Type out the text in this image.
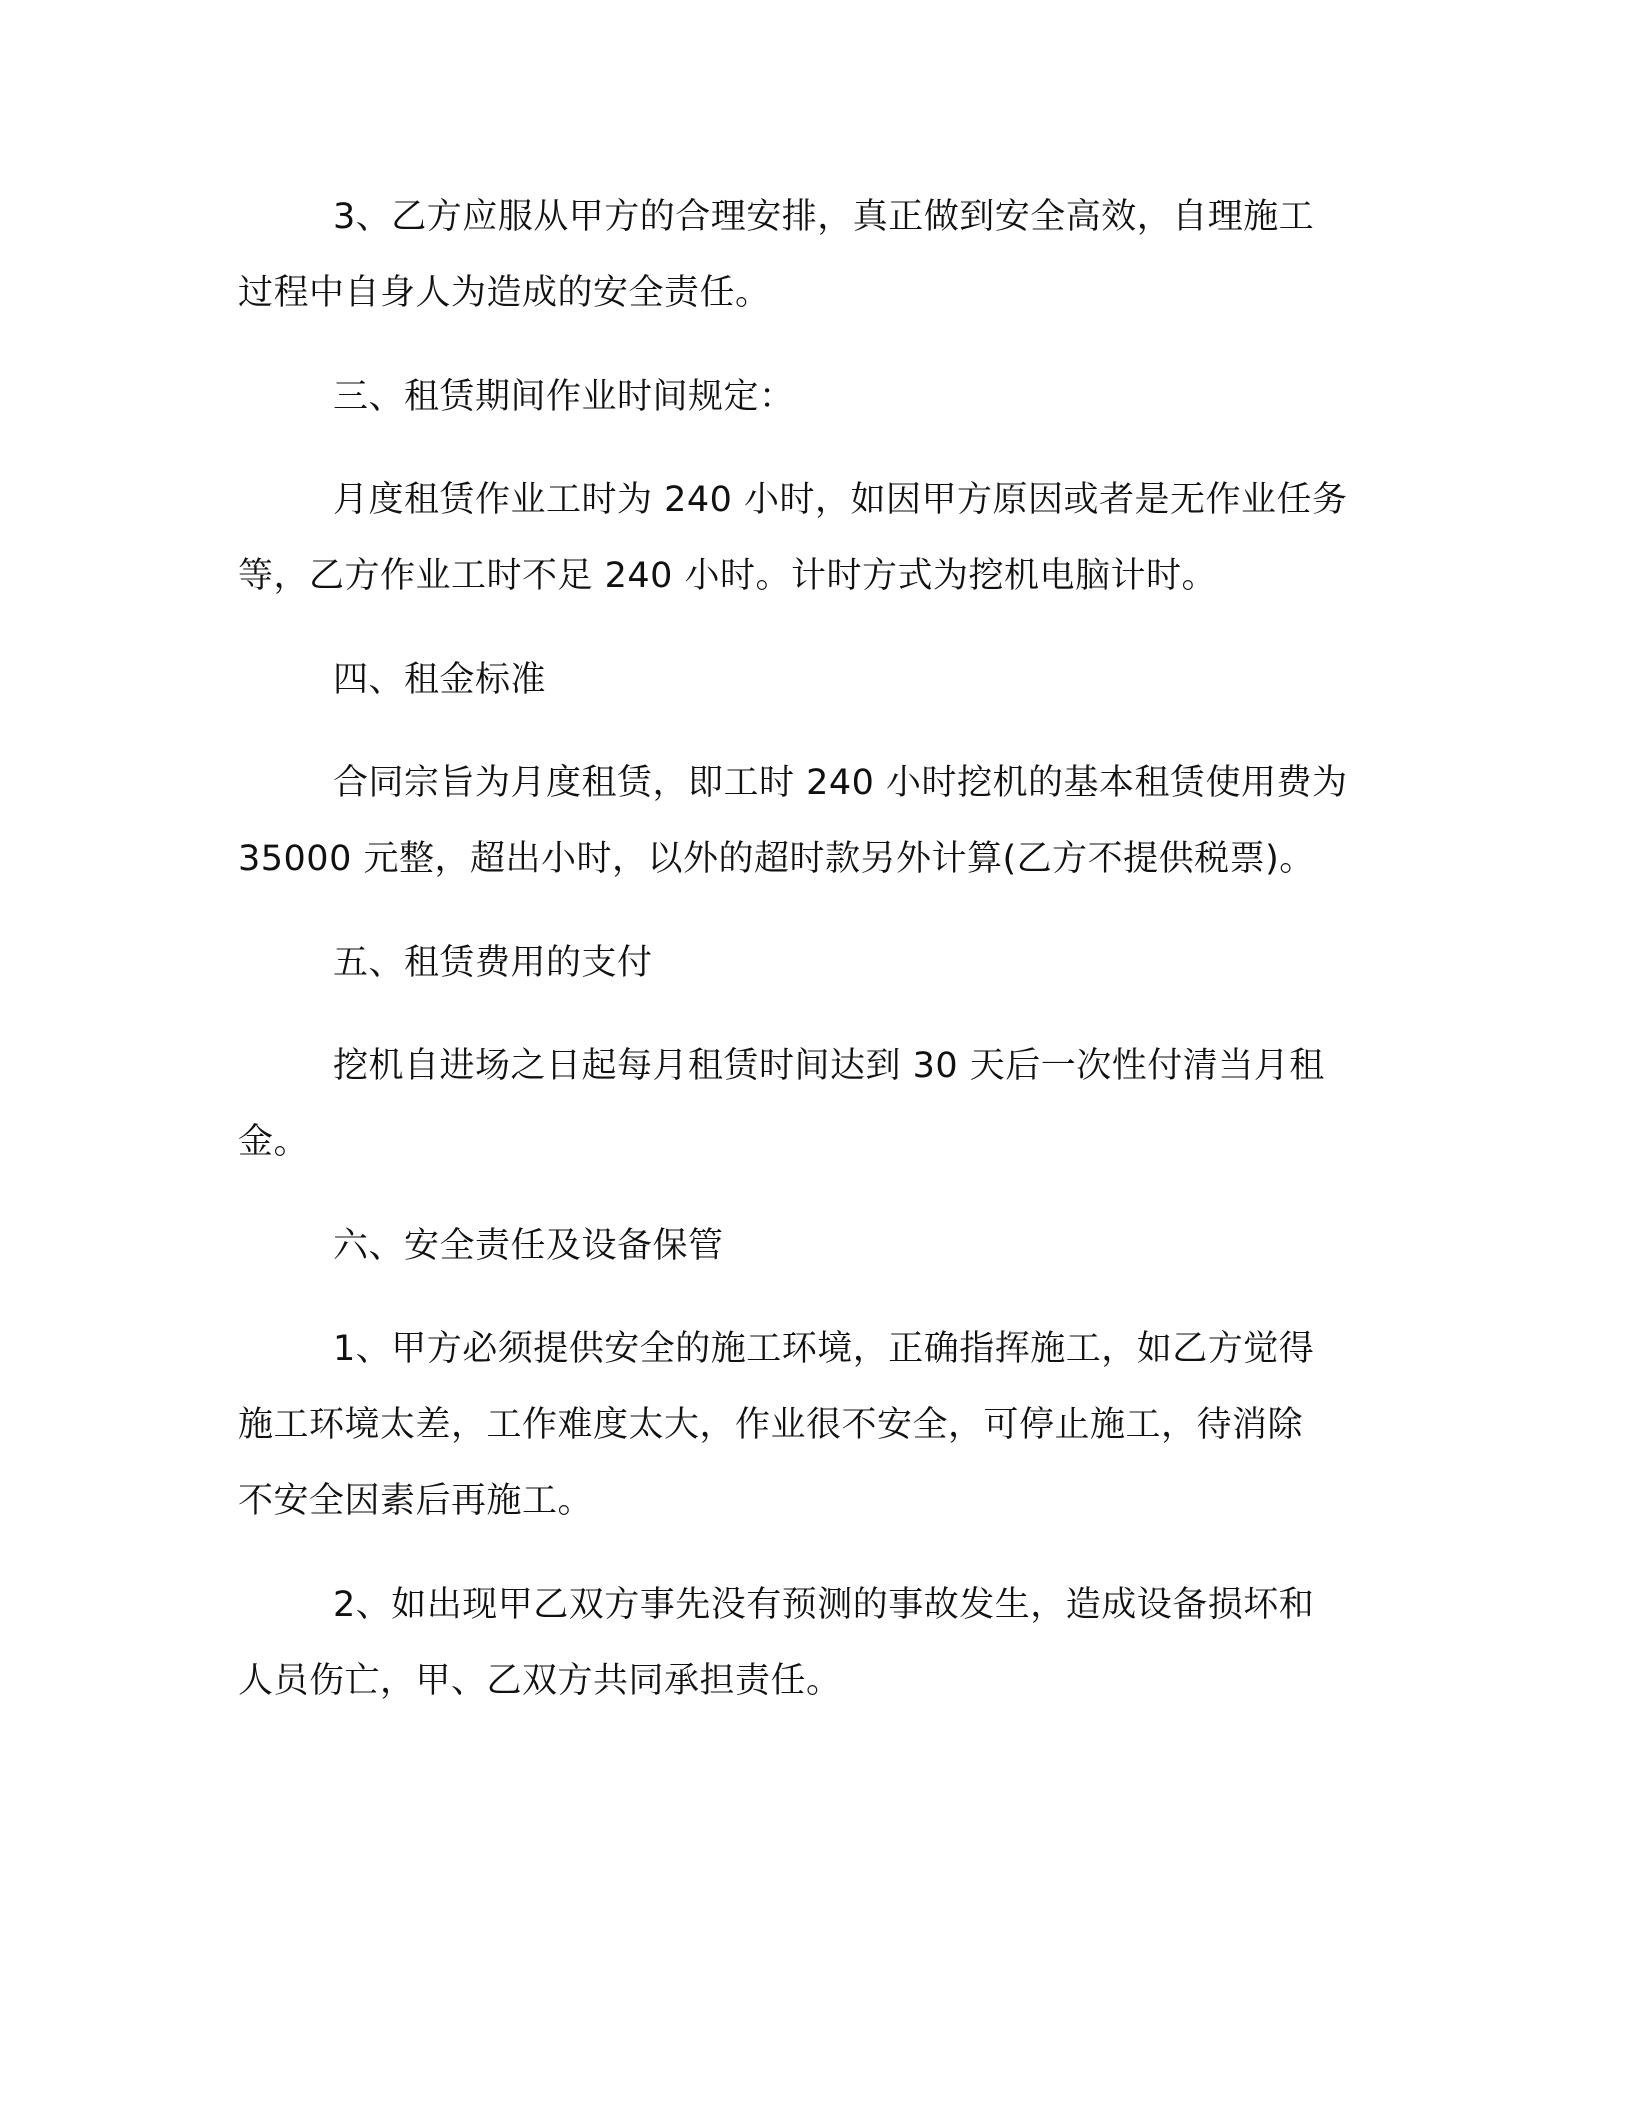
3、乙方应服从甲方的合理安排，真正做到安全高效，自理施工
过程中自身人为造成的安全责任。
三、租赁期间作业时间规定：
月度租赁作业工时为 240 小时，如因甲方原因或者是无作业任务
等，乙方作业工时不足 240 小时。计时方式为挖机电脑计时。
四、租金标准
合同宗旨为月度租赁，即工时 240 小时挖机的基本租赁使用费为
35000 元整，超出小时，以外的超时款另外计算(乙方不提供税票)。
五、租赁费用的支付
挖机自进场之日起每月租赁时间达到 30 天后一次性付清当月租
金。
六、安全责任及设备保管
1、甲方必须提供安全的施工环境，正确指挥施工，如乙方觉得
施工环境太差，工作难度太大，作业很不安全，可停止施工，待消除
不安全因素后再施工。
2、如出现甲乙双方事先没有预测的事故发生，造成设备损坏和
人员伤亡，甲、乙双方共同承担责任。
